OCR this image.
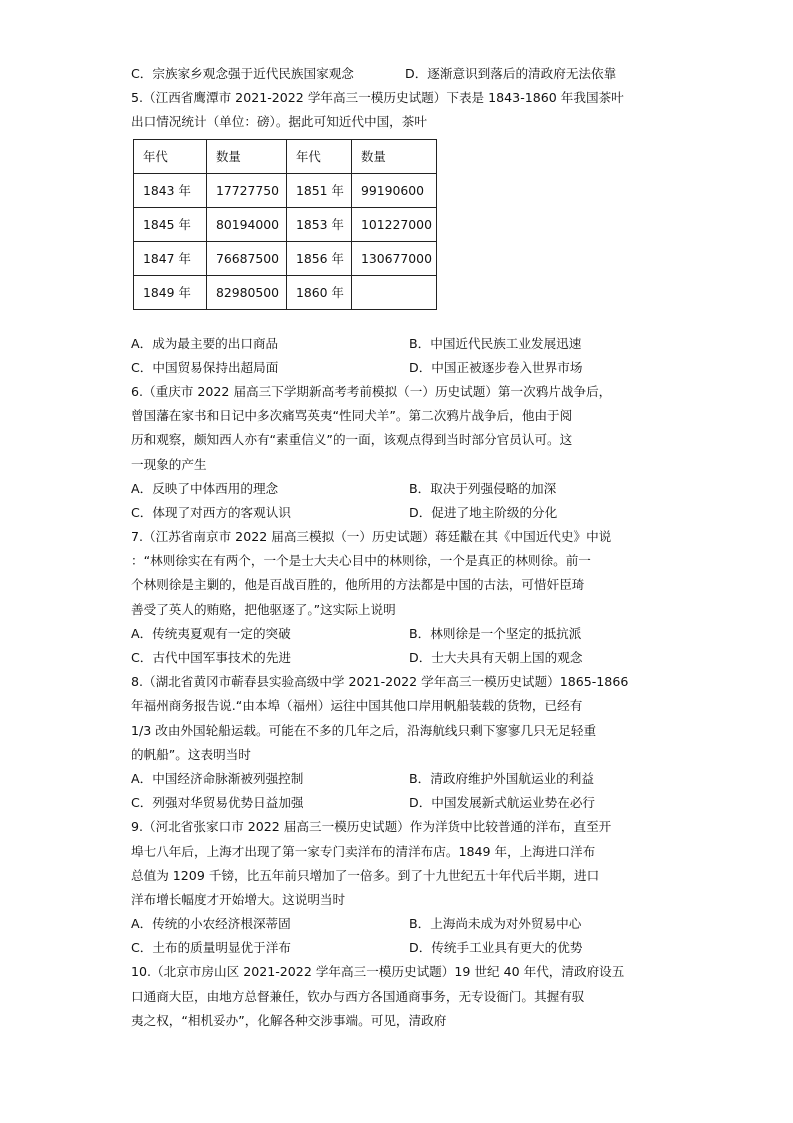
C．宗族家乡观念强于近代民族国家观念	D．逐渐意识到落后的清政府无法依靠
5.（江西省鹰潭市 2021-2022 学年高三一模历史试题）下表是 1843-1860 年我国茶叶
出口情况统计（单位：磅）。据此可知近代中国，茶叶
年代	数量	年代	数量
1843 年	17727750	1851 年	99190600
1845 年	80194000	1853 年	101227000
1847 年	76687500	1856 年	130677000
1849 年	82980500	1860 年	
A．成为最主要的出口商品	B．中国近代民族工业发展迅速
C．中国贸易保持出超局面	D．中国正被逐步卷入世界市场
6.（重庆市 2022 届高三下学期新高考考前模拟（一）历史试题）第一次鸦片战争后，
曾国藩在家书和日记中多次痛骂英夷“性同犬羊”。第二次鸦片战争后，他由于阅
历和观察，颇知西人亦有“素重信义”的一面，该观点得到当时部分官员认可。这
一现象的产生
A．反映了中体西用的理念	B．取决于列强侵略的加深
C．体现了对西方的客观认识	D．促进了地主阶级的分化
7.（江苏省南京市 2022 届高三模拟（一）历史试题）蒋廷黻在其《中国近代史》中说
：“林则徐实在有两个，一个是士大夫心目中的林则徐，一个是真正的林则徐。前一
个林则徐是主剿的，他是百战百胜的，他所用的方法都是中国的古法，可惜奸臣琦
善受了英人的贿赂，把他驱逐了。”这实际上说明
A．传统夷夏观有一定的突破	B．林则徐是一个坚定的抵抗派
C．古代中国军事技术的先进	D．士大夫具有天朝上国的观念
8.（湖北省黄冈市蕲春县实验高级中学 2021-2022 学年高三一模历史试题）1865-1866
年福州商务报告说.“由本埠（福州）运往中国其他口岸用帆船装载的货物，已经有
1/3 改由外国轮船运载。可能在不多的几年之后，沿海航线只剩下寥寥几只无足轻重
的帆船”。这表明当时
A．中国经济命脉渐被列强控制	B．清政府维护外国航运业的利益
C．列强对华贸易优势日益加强	D．中国发展新式航运业势在必行
9.（河北省张家口市 2022 届高三一模历史试题）作为洋货中比较普通的洋布，直至开
埠七八年后，上海才出现了第一家专门卖洋布的清洋布店。1849 年，上海进口洋布
总值为 1209 千镑，比五年前只增加了一倍多。到了十九世纪五十年代后半期，进口
洋布增长幅度才开始增大。这说明当时
A．传统的小农经济根深蒂固	B．上海尚未成为对外贸易中心
C．土布的质量明显优于洋布	D．传统手工业具有更大的优势
10.（北京市房山区 2021-2022 学年高三一模历史试题）19 世纪 40 年代，清政府设五
口通商大臣，由地方总督兼任，钦办与西方各国通商事务，无专设衙门。其握有驭
夷之权，“相机妥办”，化解各种交涉事端。可见，清政府
